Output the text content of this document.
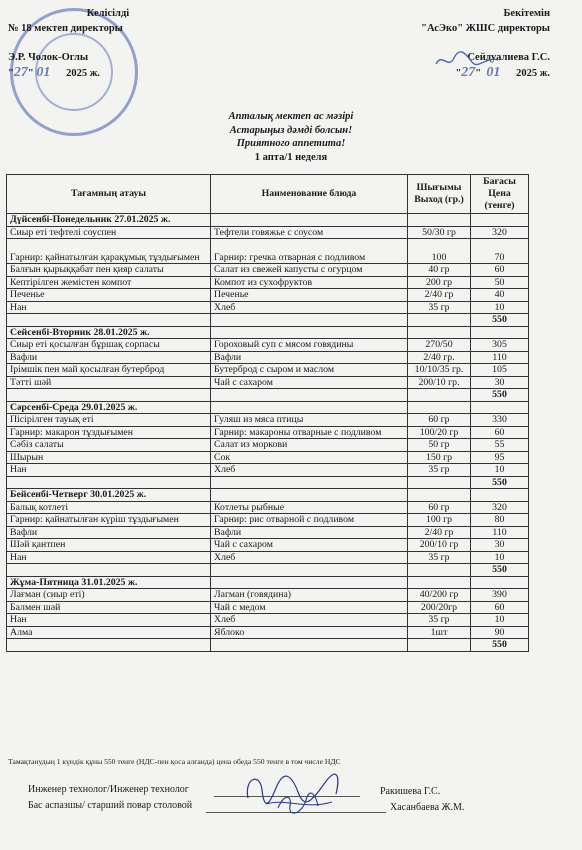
Келісілді
№ 18 мектеп директоры
Э.Р. Чолок-Оглы
"27" 01 2025 ж.
Бекітемін
"АсЭко" ЖШС директоры
Сейдуалиева Г.С.
"27" 01 2025 ж.
Апталық мектеп ас мәзірі
Астарыңыз дәмді болсын!
Приятного аппетита!
1 апта/1 неделя
Тағамның атауы	Наименование блюда	Шығымы Выход (гр.)	Бағасы Цена (тенге)
Дүйсенбі-Понедельник 27.01.2025 ж.			
Сиыр еті тефтелі соуспен	Тефтели говяжье с соусом	50/30 гр	320
Гарнир: қайнатылған қарақұмық тұздығымен	Гарнир: гречка отварная с подливом	100	70
Балғын қырыққабат пен қияр салаты	Салат из свежей капусты с огурцом	40 гр	60
Кептірілген жемістен компот	Компот из сухофруктов	200 гр	50
Печенье	Печенье	2/40 гр	40
Нан	Хлеб	35 гр	10
			550
Сейсенбі-Вторник 28.01.2025 ж.			
Сиыр еті қосылған бұршақ сорпасы	Гороховый суп с мясом говядины	270/50	305
Вафли	Вафли	2/40 гр.	110
Ірімшік пен май қосылған бутерброд	Бутерброд с сыром и маслом	10/10/35 гр.	105
Тәтті шәй	Чай с сахаром	200/10 гр.	30
			550
Сәрсенбі-Среда 29.01.2025 ж.			
Пісірілген тауық еті	Гуляш из мяса птицы	60 гр	330
Гарнир: макарон тұздығымен	Гарнир: макароны отварные с подливом	100/20 гр	60
Сәбіз салаты	Салат из моркови	50 гр	55
Шырын	Сок	150 гр	95
Нан	Хлеб	35 гр	10
			550
Бейсенбі-Четверг 30.01.2025 ж.			
Балық котлеті	Котлеты рыбные	60 гр	320
Гарнир: қайнатылған күріш тұздығымен	Гарнир: рис отварной с подливом	100 гр	80
Вафли	Вафли	2/40 гр	110
Шәй қантпен	Чай с сахаром	200/10 гр	30
Нан	Хлеб	35 гр	10
			550
Жұма-Пятница 31.01.2025 ж.			
Лағман (сиыр еті)	Лагман (говядина)	40/200 гр	390
Балмен шәй	Чай с медом	200/20гр	60
Нан	Хлеб	35 гр	10
Алма	Яблоко	1шт	90
			550
Тамақтанудың 1 күндік құны 550 тенге (НДС-пен қоса алғанда) цена обеда 550 тенге в том числе НДС
Инженер технолог/Инженер технолог	Ракишева Г.С.
Бас аспазшы/ старший повар столовой	Хасанбаева Ж.М.
